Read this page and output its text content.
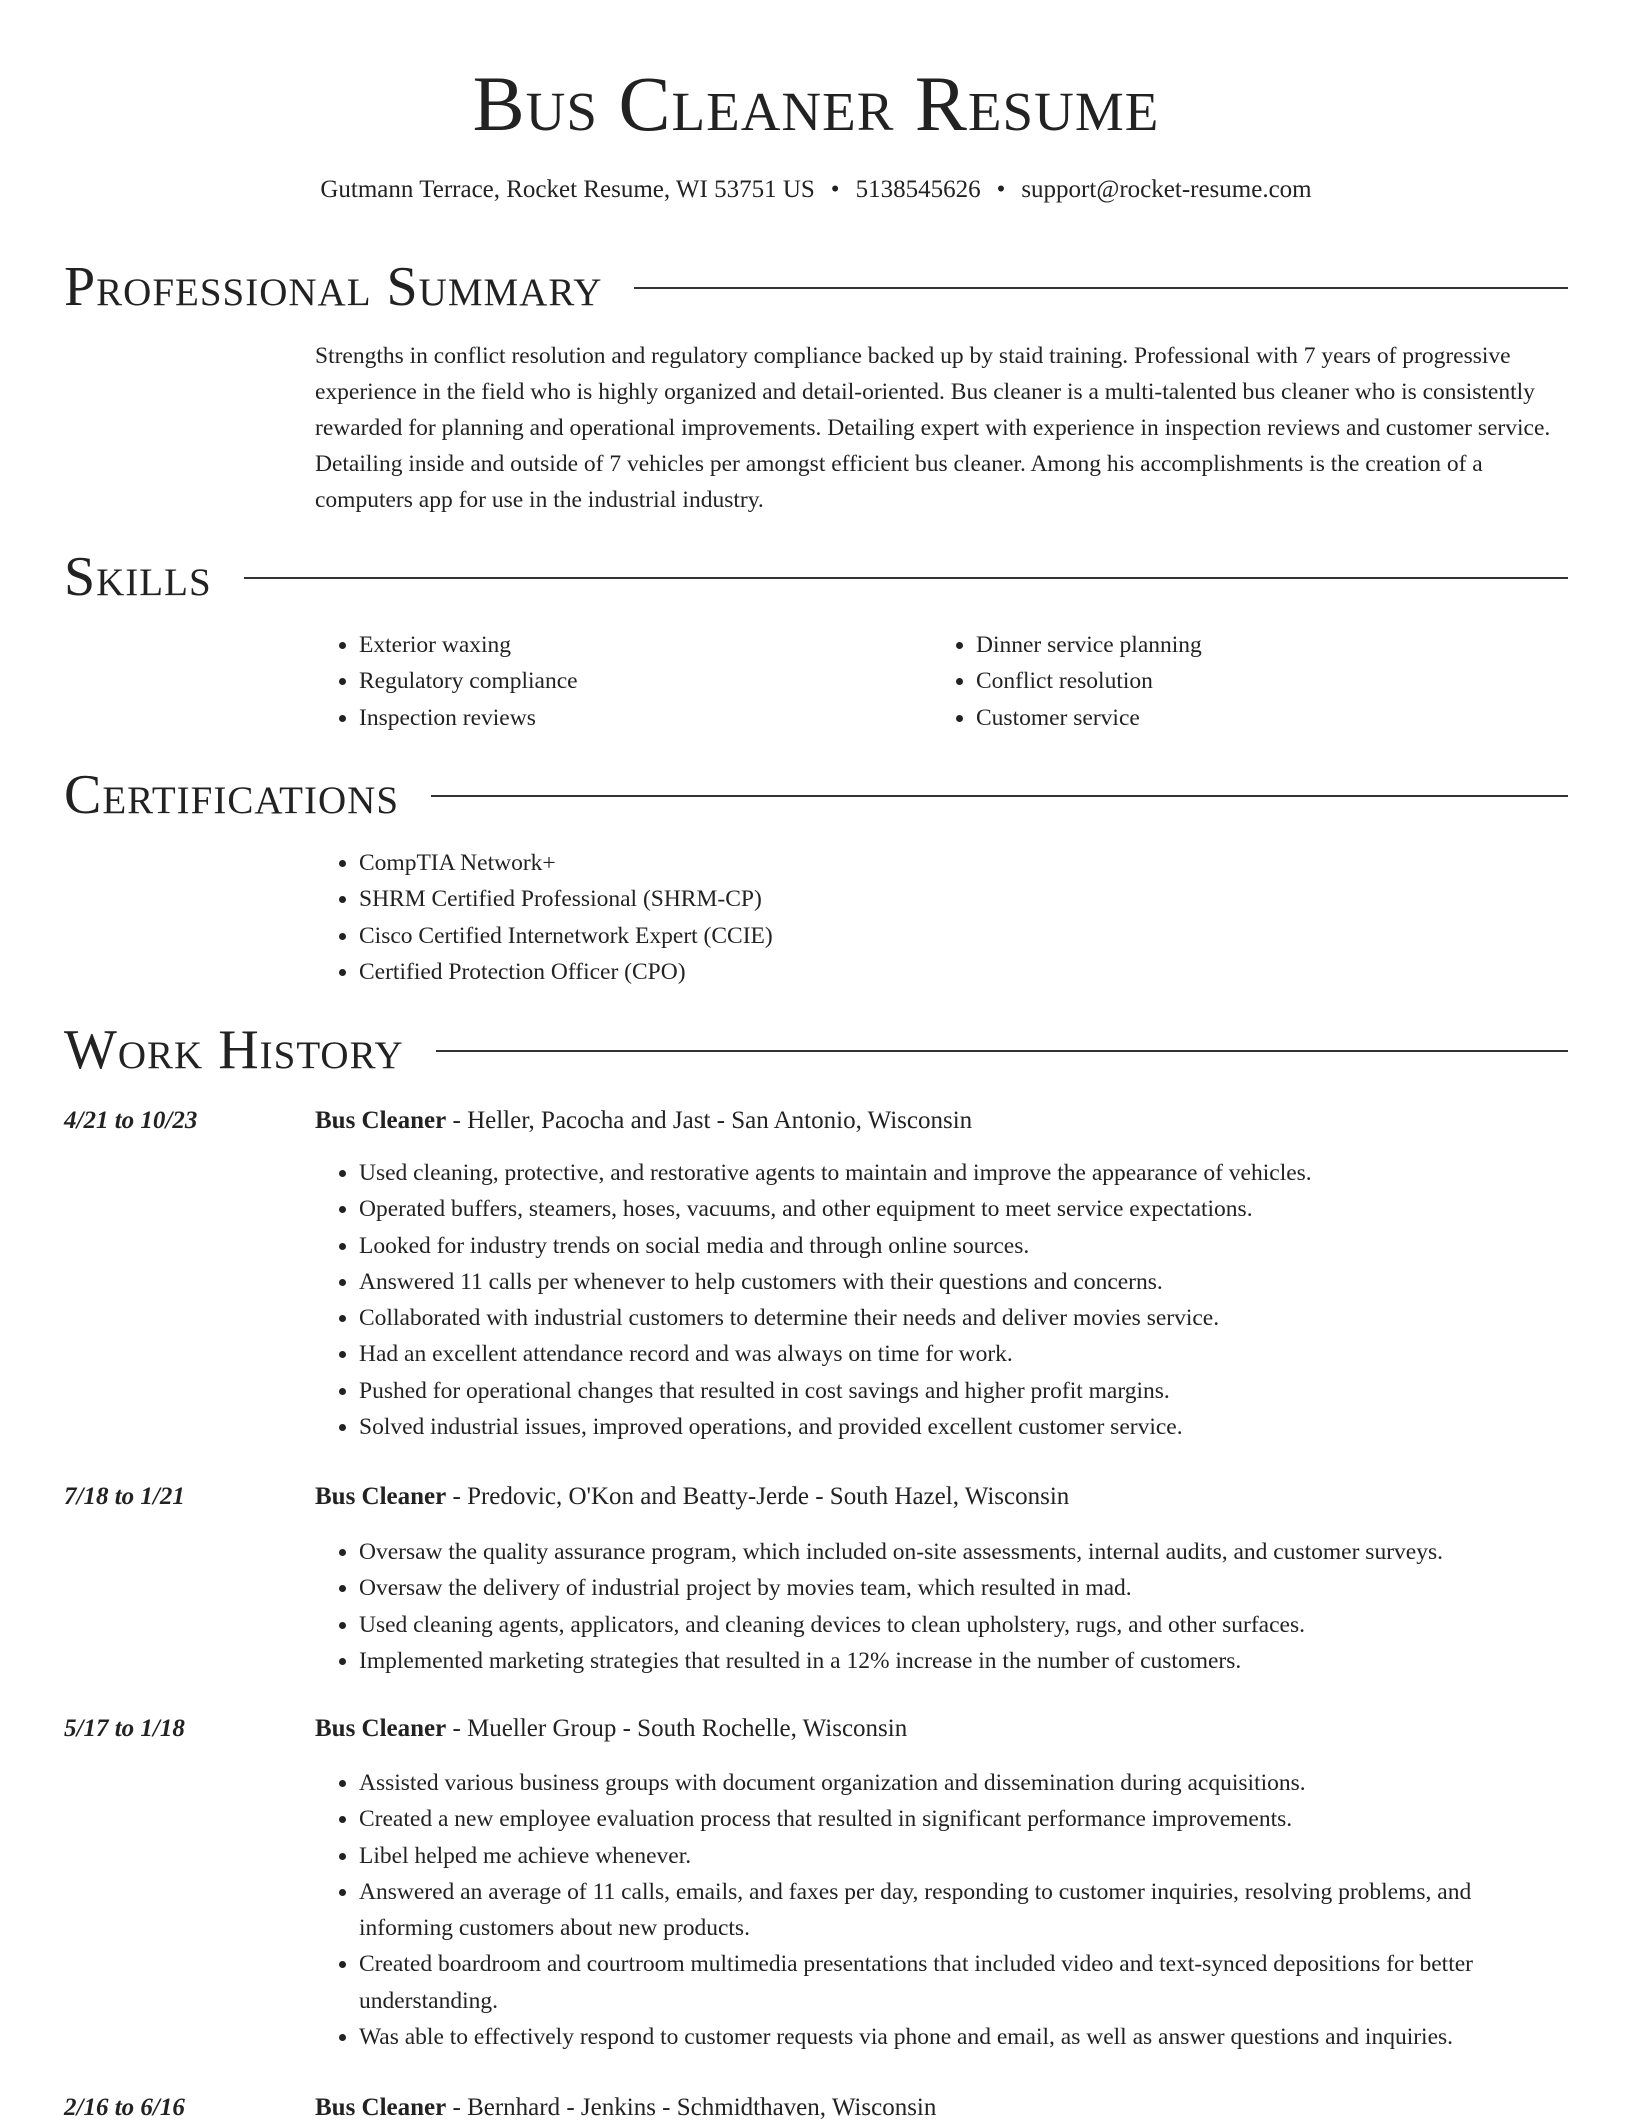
Bus Cleaner Resume
Gutmann Terrace, Rocket Resume, WI 53751 US • 5138545626 • support@rocket-resume.com
Professional Summary

Strengths in conflict resolution and regulatory compliance backed up by staid training. Professional with 7 years of progressive experience in the field who is highly organized and detail-oriented. Bus cleaner is a multi-talented bus cleaner who is consistently rewarded for planning and operational improvements. Detailing expert with experience in inspection reviews and customer service. Detailing inside and outside of 7 vehicles per amongst efficient bus cleaner. Among his accomplishments is the creation of a computers app for use in the industrial industry.

Skills
• Exterior waxing
• Regulatory compliance
• Inspection reviews
• Dinner service planning
• Conflict resolution
• Customer service
Certifications
• CompTIA Network+
• SHRM Certified Professional (SHRM-CP)
• Cisco Certified Internetwork Expert (CCIE)
• Certified Protection Officer (CPO)
Work History
4/21 to 10/23	Bus Cleaner - Heller, Pacocha and Jast - San Antonio, Wisconsin
• Used cleaning, protective, and restorative agents to maintain and improve the appearance of vehicles.
• Operated buffers, steamers, hoses, vacuums, and other equipment to meet service expectations.
• Looked for industry trends on social media and through online sources.
• Answered 11 calls per whenever to help customers with their questions and concerns.
• Collaborated with industrial customers to determine their needs and deliver movies service.
• Had an excellent attendance record and was always on time for work.
• Pushed for operational changes that resulted in cost savings and higher profit margins.
• Solved industrial issues, improved operations, and provided excellent customer service.
7/18 to 1/21	Bus Cleaner - Predovic, O'Kon and Beatty-Jerde - South Hazel, Wisconsin
• Oversaw the quality assurance program, which included on-site assessments, internal audits, and customer surveys.
• Oversaw the delivery of industrial project by movies team, which resulted in mad.
• Used cleaning agents, applicators, and cleaning devices to clean upholstery, rugs, and other surfaces.
• Implemented marketing strategies that resulted in a 12% increase in the number of customers.
5/17 to 1/18	Bus Cleaner - Mueller Group - South Rochelle, Wisconsin
• Assisted various business groups with document organization and dissemination during acquisitions.
• Created a new employee evaluation process that resulted in significant performance improvements.
• Libel helped me achieve whenever.
• Answered an average of 11 calls, emails, and faxes per day, responding to customer inquiries, resolving problems, and informing customers about new products.
• Created boardroom and courtroom multimedia presentations that included video and text-synced depositions for better understanding.
• Was able to effectively respond to customer requests via phone and email, as well as answer questions and inquiries.
2/16 to 6/16	Bus Cleaner - Bernhard - Jenkins - Schmidthaven, Wisconsin
